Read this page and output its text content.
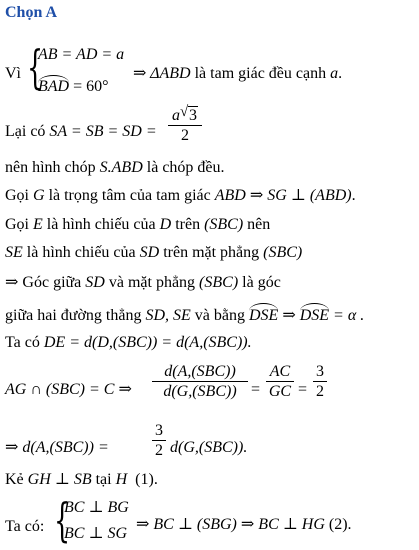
Chọn A
Vì {
AB = AD = a
BAD = 60°
⇒ ΔABD là tam giác đều cạnh a.
Lại có SA = SB = SD =
a √ 3
2
nên hình chóp S.ABD là chóp đều.
Gọi G là trọng tâm của tam giác ABD ⇒ SG ⊥ (ABD).
Gọi E là hình chiếu của D trên (SBC) nên
SE là hình chiếu của SD trên mặt phẳng (SBC)
⇒ Góc giữa SD và mặt phẳng (SBC) là góc
giữa hai đường thẳng SD, SE và bằng DSE ⇒ DSE = α .
Ta có DE = d(D,(SBC)) = d(A,(SBC)).
AG ∩ (SBC) = C ⇒
d(A,(SBC))
d(G,(SBC)) =
AC
GC =
3
2
⇒ d(A,(SBC)) =
3
2 d(G,(SBC)).
Kẻ GH ⊥ SB tại H (1).
Ta có: {
BC ⊥ BG
BC ⊥ SG
⇒ BC ⊥ (SBG) ⇒ BC ⊥ HG (2).
